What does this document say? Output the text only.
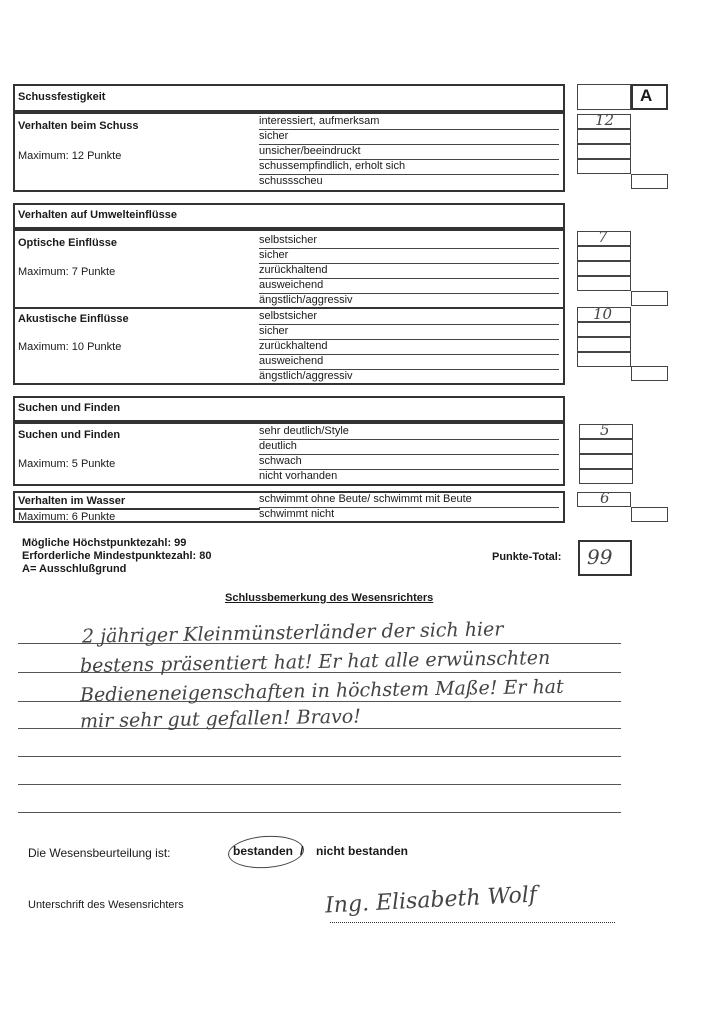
A
Schussfestigkeit
Verhalten beim Schuss
Maximum: 12 Punkte
interessiert, aufmerksam
sicher
unsicher/beeindruckt
schussempfindlich, erholt sich
schussscheu
12
Verhalten auf Umwelteinflüsse
Optische Einflüsse
Maximum: 7 Punkte
selbstsicher
sicher
zurückhaltend
ausweichend
ängstlich/aggressiv
7
Akustische Einflüsse
Maximum: 10 Punkte
selbstsicher
sicher
zurückhaltend
ausweichend
ängstlich/aggressiv
10
Suchen und Finden
Suchen und Finden
Maximum: 5 Punkte
sehr deutlich/Style
deutlich
schwach
nicht vorhanden
5
Verhalten im Wasser
Maximum: 6 Punkte
schwimmt ohne Beute/ schwimmt mit Beute
schwimmt nicht
6
Mögliche Höchstpunktezahl: 99
Erforderliche Mindestpunktezahl: 80
A= Ausschlußgrund
Punkte-Total: 99
Schlussbemerkung des Wesensrichters
2 jähriger Kleinmünsterländer der sich hier
bestens präsentiert hat! Er hat alle erwünschten
Bedieneneigenschaften in höchstem Maße! Er hat
mir sehr gut gefallen! Bravo!
Die Wesensbeurteilung ist:	bestanden / nicht bestanden
Unterschrift des Wesensrichters	Ing. Elisabeth Wolf
